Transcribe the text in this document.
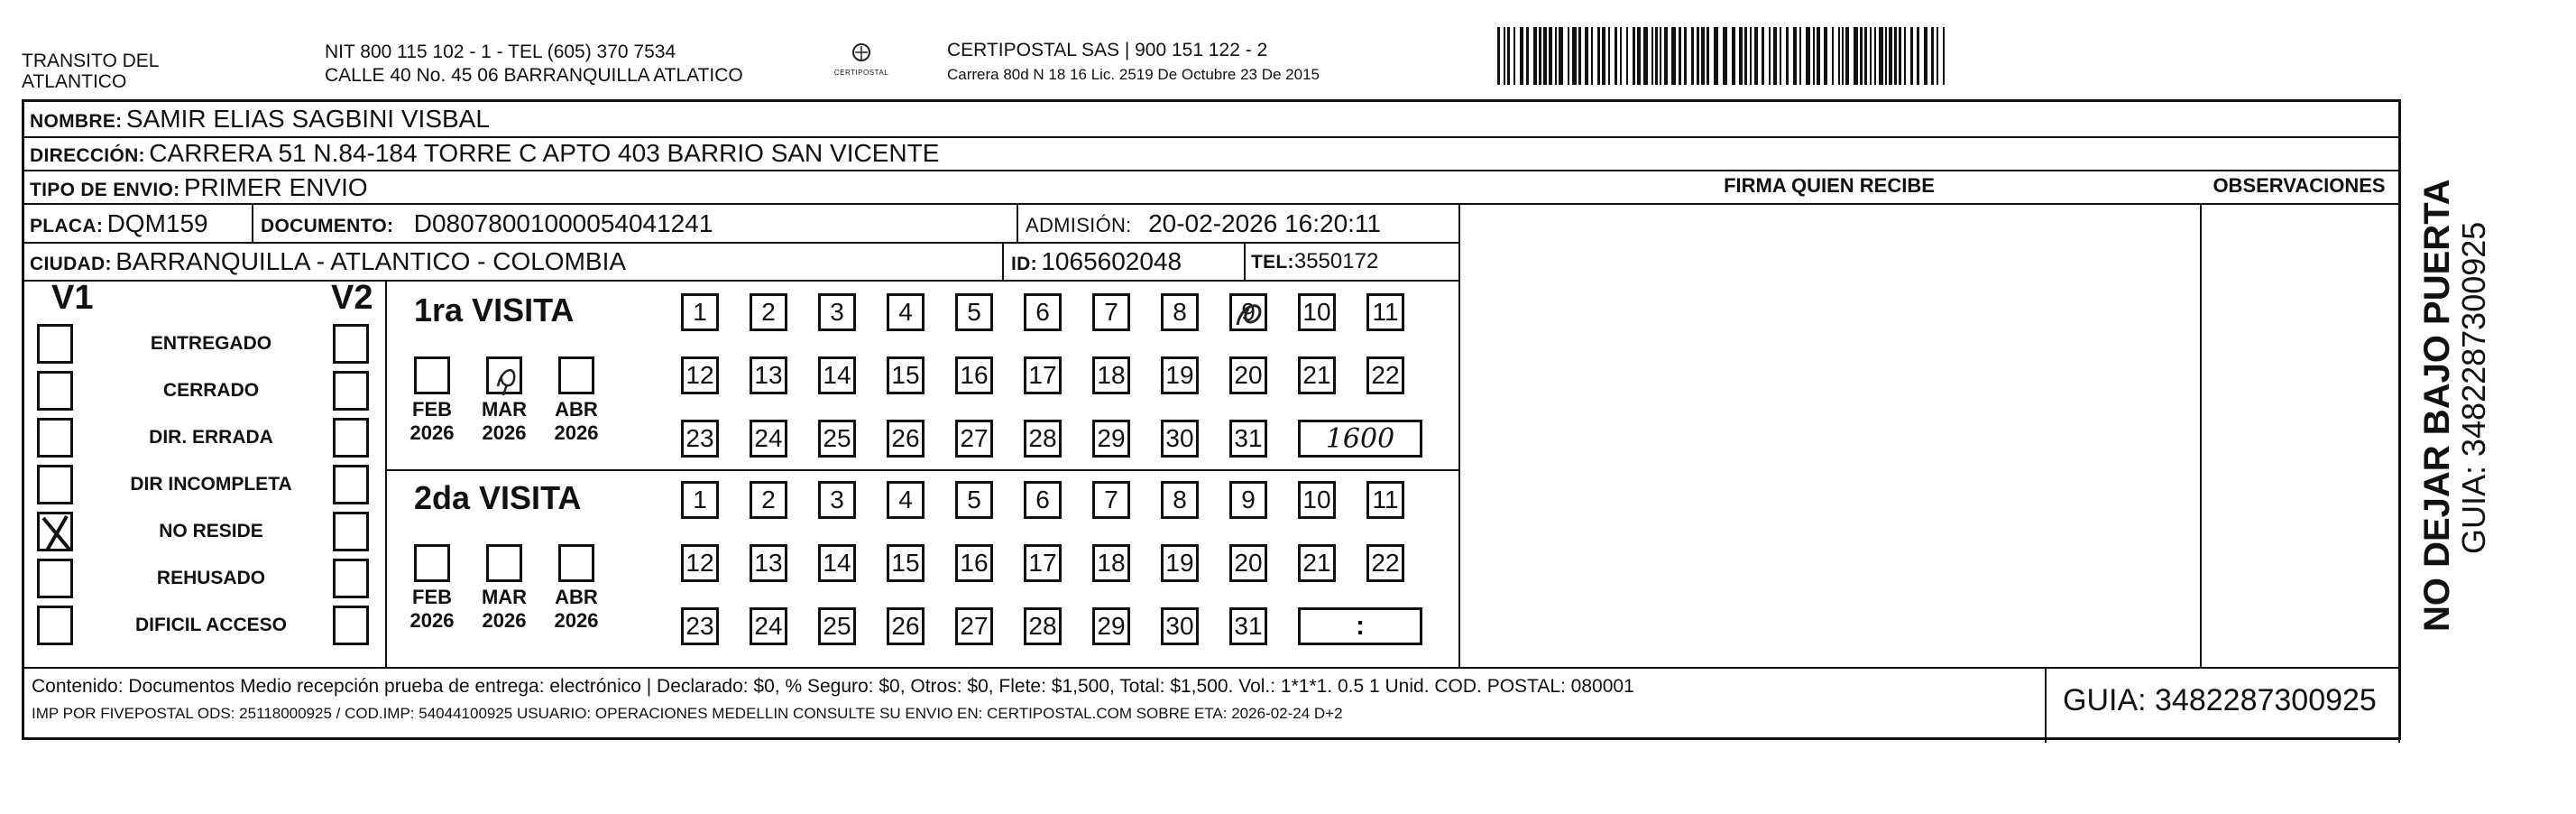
TRANSITO DEL
ATLANTICO
NIT 800 115 102 - 1 - TEL (605) 370 7534
CALLE 40 No. 45 06 BARRANQUILLA ATLATICO	CERTIPOSTAL
CERTIPOSTAL SAS | 900 151 122 - 2
Carrera 80d N 18 16 Lic. 2519 De Octubre 23 De 2015
NOMBRE: SAMIR ELIAS SAGBINI VISBAL
DIRECCIÓN: CARRERA 51 N.84-184 TORRE C APTO 403 BARRIO SAN VICENTE
TIPO DE ENVIO: PRIMER ENVIO	FIRMA QUIEN RECIBE	OBSERVACIONES
PLACA: DQM159	DOCUMENTO: D08078001000054041241	ADMISIÓN: 20-02-2026 16:20:11
CIUDAD: BARRANQUILLA - ATLANTICO - COLOMBIA	ID: 1065602048	TEL:3550172
V1	V2
ENTREGADO
CERRADO
DIR. ERRADA
DIR INCOMPLETA
NO RESIDE
REHUSADO
DIFICIL ACCESO
1ra VISITA
2da VISITA
FEB
2026
MAR
2026
ABR
2026
1	2	3	4	5	6	7	8	9 10 11
12 13 14 15 16 17 18 19 20 21 22
23 24 25 26 27 28 29 30 31 1600
FEB
2026
MAR
2026
ABR
2026
1	2	3	4	5	6	7	8	9	10 11
12 13 14 15 16 17 18 19 20 21 22
23 24 25 26 27 28 29 30 31	:
Contenido: Documentos Medio recepción prueba de entrega: electrónico | Declarado: $0, % Seguro: $0, Otros: $0, Flete: $1,500, Total: $1,500. Vol.: 1*1*1. 0.5 1 Unid. COD. POSTAL: 080001
IMP POR FIVEPOSTAL ODS: 25118000925 / COD.IMP: 54044100925 USUARIO: OPERACIONES MEDELLIN CONSULTE SU ENVIO EN: CERTIPOSTAL.COM SOBRE ETA: 2026-02-24 D+2	GUIA: 3482287300925
NO DEJAR BAJO PUERTA
GUIA: 3482287300925
